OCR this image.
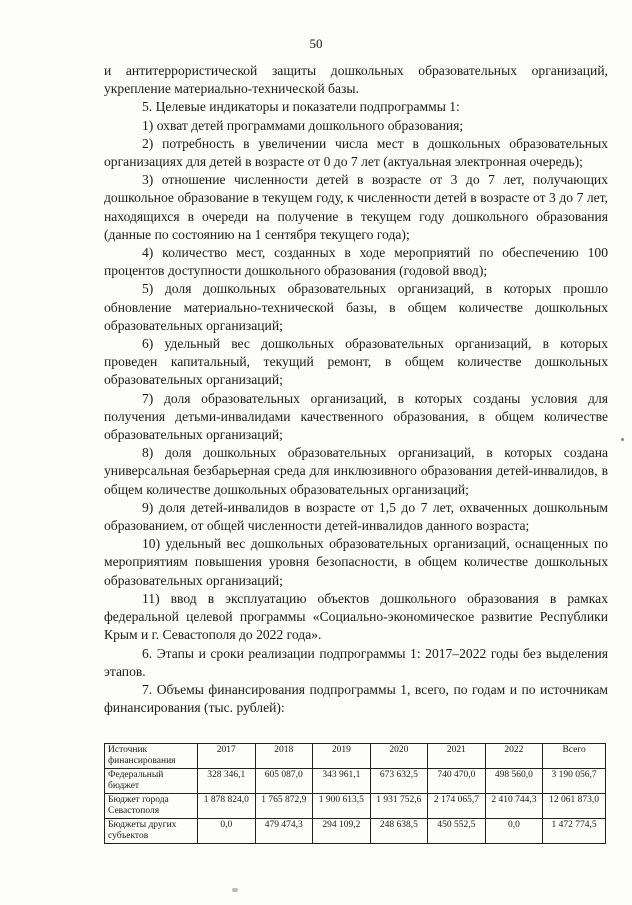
50

и антитеррористической защиты дошкольных образовательных организаций, укрепление материально-технической базы.

5. Целевые индикаторы и показатели подпрограммы 1:

1) охват детей программами дошкольного образования;

2) потребность в увеличении числа мест в дошкольных образовательных организациях для детей в возрасте от 0 до 7 лет (актуальная электронная очередь);

3) отношение численности детей в возрасте от 3 до 7 лет, получающих дошкольное образование в текущем году, к численности детей в возрасте от 3 до 7 лет, находящихся в очереди на получение в текущем году дошкольного образования (данные по состоянию на 1 сентября текущего года);

4) количество мест, созданных в ходе мероприятий по обеспечению 100 процентов доступности дошкольного образования (годовой ввод);

5) доля дошкольных образовательных организаций, в которых прошло обновление материально-технической базы, в общем количестве дошкольных образовательных организаций;

6) удельный вес дошкольных образовательных организаций, в которых проведен капитальный, текущий ремонт, в общем количестве дошкольных образовательных организаций;

7) доля образовательных организаций, в которых созданы условия для получения детьми-инвалидами качественного образования, в общем количестве образовательных организаций;

8) доля дошкольных образовательных организаций, в которых создана универсальная безбарьерная среда для инклюзивного образования детей-инвалидов, в общем количестве дошкольных образовательных организаций;

9) доля детей-инвалидов в возрасте от 1,5 до 7 лет, охваченных дошкольным образованием, от общей численности детей-инвалидов данного возраста;

10) удельный вес дошкольных образовательных организаций, оснащенных по мероприятиям повышения уровня безопасности, в общем количестве дошкольных образовательных организаций;

11) ввод в эксплуатацию объектов дошкольного образования в рамках федеральной целевой программы «Социально-экономическое развитие Республики Крым и г. Севастополя до 2022 года».

6. Этапы и сроки реализации подпрограммы 1: 2017–2022 годы без выделения этапов.

7. Объемы финансирования подпрограммы 1, всего, по годам и по источникам финансирования (тыс. рублей):

Источник финансирования	2017	2018	2019	2020	2021	2022	Всего
Федеральный бюджет	328 346,1	605 087,0	343 961,1	673 632,5	740 470,0	498 560,0	3 190 056,7
Бюджет города Севастополя	1 878 824,0	1 765 872,9	1 900 613,5	1 931 752,6	2 174 065,7	2 410 744,3	12 061 873,0
Бюджеты других субъектов	0,0	479 474,3	294 109,2	248 638,5	450 552,5	0,0	1 472 774,5
